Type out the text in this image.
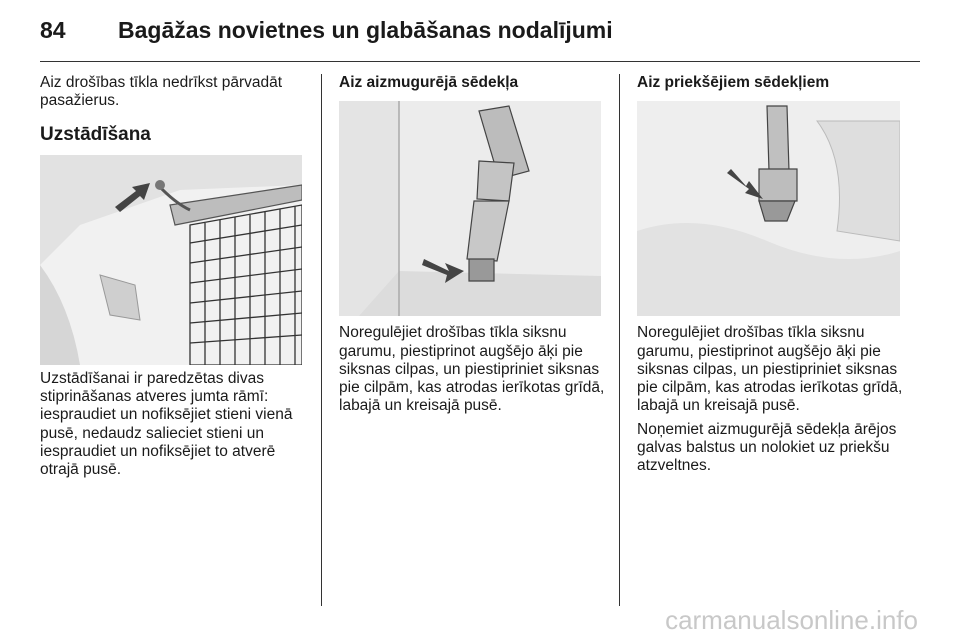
84 Bagāžas novietnes un glabāšanas nodalījumi

Aiz drošības tīkla nedrīkst pārvadāt pasažierus.

Uzstādīšana

Uzstādīšanai ir paredzētas divas stiprināšanas atveres jumta rāmī: iespraudiet un nofiksējiet stieni vienā pusē, nedaudz salieciet stieni un iespraudiet un nofiksējiet to atverē otrajā pusē.

Aiz aizmugurējā sēdekļa

Noregulējiet drošības tīkla siksnu garumu, piestiprinot augšējo āķi pie siksnas cilpas, un piestipriniet siksnas pie cilpām, kas atrodas ierīkotas grīdā, labajā un kreisajā pusē.

Aiz priekšējiem sēdekļiem

Noregulējiet drošības tīkla siksnu garumu, piestiprinot augšējo āķi pie siksnas cilpas, un piestipriniet siksnas pie cilpām, kas atrodas ierīkotas grīdā, labajā un kreisajā pusē.

Noņemiet aizmugurējā sēdekļa ārējos galvas balstus un nolokiet uz priekšu atzveltnes.

carmanualsonline.info
